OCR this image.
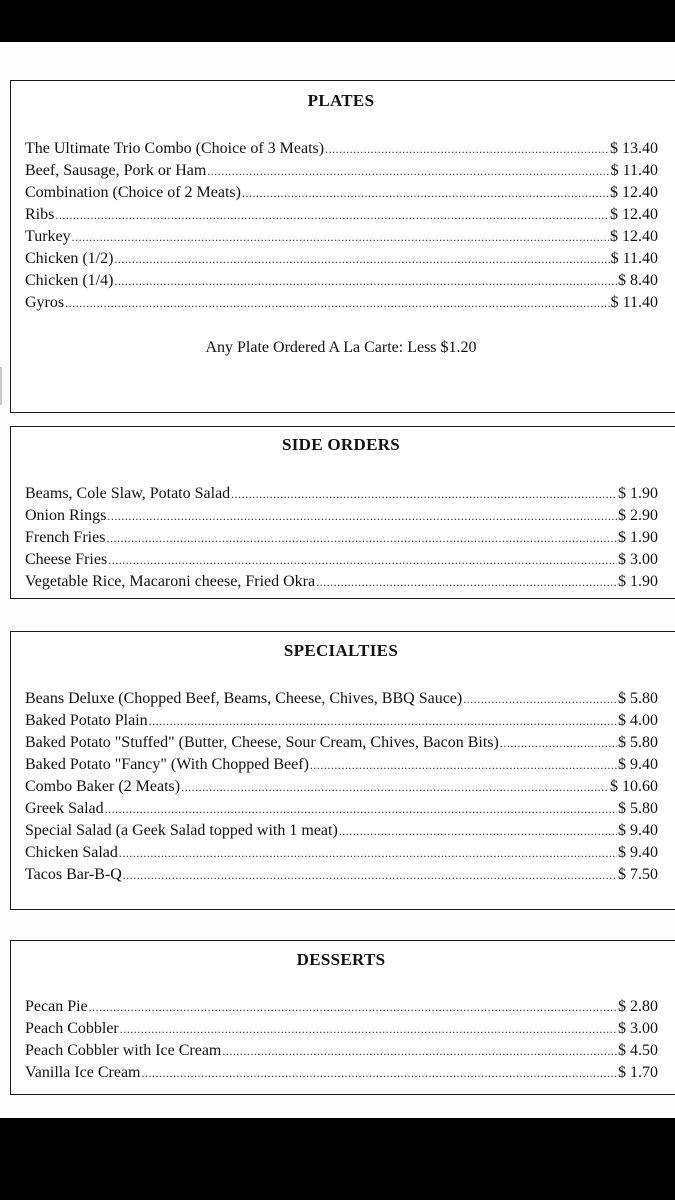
PLATES
The Ultimate Trio Combo (Choice of 3 Meats) .....	$ 13.40
Beef, Sausage, Pork or Ham .....	$ 11.40
Combination (Choice of 2 Meats) .....	$ 12.40
Ribs .....	$ 12.40
Turkey .....	$ 12.40
Chicken (1/2) .....	$ 11.40
Chicken (1/4) .....	$ 8.40
Gyros .....	$ 11.40
Any Plate Ordered A La Carte: Less $1.20
SIDE ORDERS
Beams, Cole Slaw, Potato Salad .....	$ 1.90
Onion Rings .....	$ 2.90
French Fries .....	$ 1.90
Cheese Fries .....	$ 3.00
Vegetable Rice, Macaroni cheese, Fried Okra .....	$ 1.90
SPECIALTIES
Beans Deluxe (Chopped Beef, Beams, Cheese, Chives, BBQ Sauce) .....	$ 5.80
Baked Potato Plain .....	$ 4.00
Baked Potato "Stuffed" (Butter, Cheese, Sour Cream, Chives, Bacon Bits) .....	$ 5.80
Baked Potato "Fancy" (With Chopped Beef) .....	$ 9.40
Combo Baker (2 Meats) .....	$ 10.60
Greek Salad .....	$ 5.80
Special Salad (a Geek Salad topped with 1 meat) .....	$ 9.40
Chicken Salad .....	$ 9.40
Tacos Bar-B-Q .....	$ 7.50
DESSERTS
Pecan Pie .....	$ 2.80
Peach Cobbler .....	$ 3.00
Peach Cobbler with Ice Cream .....	$ 4.50
Vanilla Ice Cream .....	$ 1.70
